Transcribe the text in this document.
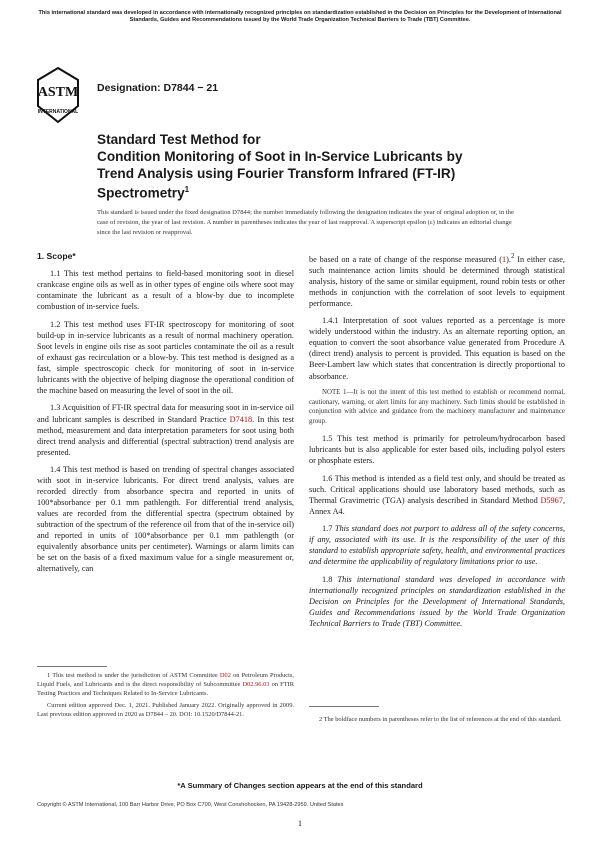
This international standard was developed in accordance with internationally recognized principles on standardization established in the Decision on Principles for the Development of International Standards, Guides and Recommendations issued by the World Trade Organization Technical Barriers to Trade (TBT) Committee.
ASTM
INTERNATIONAL
Designation: D7844 − 21
Standard Test Method for
Condition Monitoring of Soot in In-Service Lubricants by
Trend Analysis using Fourier Transform Infrared (FT-IR)
Spectrometry$^1$
This standard is issued under the fixed designation D7844; the number immediately following the designation indicates the year of original adoption or, in the case of revision, the year of last revision. A number in parentheses indicates the year of last reapproval. A superscript epsilon (ε) indicates an editorial change since the last revision or reapproval.

1. Scope*

1.1 This test method pertains to field-based monitoring soot in diesel crankcase engine oils as well as in other types of engine oils where soot may contaminate the lubricant as a result of a blow-by due to incomplete combustion of in-service fuels.

1.2 This test method uses FT-IR spectroscopy for monitoring of soot build-up in in-service lubricants as a result of normal machinery operation. Soot levels in engine oils rise as soot particles contaminate the oil as a result of exhaust gas recirculation or a blow-by. This test method is designed as a fast, simple spectroscopic check for monitoring of soot in in-service lubricants with the objective of helping diagnose the operational condition of the machine based on measuring the level of soot in the oil.

1.3 Acquisition of FT-IR spectral data for measuring soot in in-service oil and lubricant samples is described in Standard Practice D7418. In this test method, measurement and data interpretation parameters for soot using both direct trend analysis and differential (spectral subtraction) trend analysis are presented.

1.4 This test method is based on trending of spectral changes associated with soot in in-service lubricants. For direct trend analysis, values are recorded directly from absorbance spectra and reported in units of 100*absorbance per 0.1 mm pathlength. For differential trend analysis, values are recorded from the differential spectra (spectrum obtained by subtraction of the spectrum of the reference oil from that of the in-service oil) and reported in units of 100*absorbance per 0.1 mm pathlength (or equivalently absorbance units per centimeter). Warnings or alarm limits can be set on the basis of a fixed maximum value for a single measurement or, alternatively, can

be based on a rate of change of the response measured (1).$^2$ In either case, such maintenance action limits should be determined through statistical analysis, history of the same or similar equipment, round robin tests or other methods in conjunction with the correlation of soot levels to equipment performance.

1.4.1 Interpretation of soot values reported as a percentage is more widely understood within the industry. As an alternate reporting option, an equation to convert the soot absorbance value generated from Procedure A (direct trend) analysis to percent is provided. This equation is based on the Beer-Lambert law which states that concentration is directly proportional to absorbance.

NOTE 1—It is not the intent of this test method to establish or recommend normal, cautionary, warning, or alert limits for any machinery. Such limits should be established in conjunction with advice and guidance from the machinery manufacturer and maintenance group.

1.5 This test method is primarily for petroleum/hydrocarbon based lubricants but is also applicable for ester based oils, including polyol esters or phosphate esters.

1.6 This method is intended as a field test only, and should be treated as such. Critical applications should use laboratory based methods, such as Thermal Gravimetric (TGA) analysis described in Standard Method D5967, Annex A4.

1.7 This standard does not purport to address all of the safety concerns, if any, associated with its use. It is the responsibility of the user of this standard to establish appropriate safety, health, and environmental practices and determine the applicability of regulatory limitations prior to use.

1.8 This international standard was developed in accordance with internationally recognized principles on standardization established in the Decision on Principles for the Development of International Standards, Guides and Recommendations issued by the World Trade Organization Technical Barriers to Trade (TBT) Committee.

1 This test method is under the jurisdiction of ASTM Committee D02 on Petroleum Products, Liquid Fuels, and Lubricants and is the direct responsibility of Subcommittee D02.96.03 on FTIR Testing Practices and Techniques Related to In-Service Lubricants.

Current edition approved Dec. 1, 2021. Published January 2022. Originally approved in 2009. Last previous edition approved in 2020 as D7844 – 20. DOI: 10.1520/D7844-21.

2 The boldface numbers in parentheses refer to the list of references at the end of this standard.

*A Summary of Changes section appears at the end of this standard
Copyright © ASTM International, 100 Barr Harbor Drive, PO Box C700, West Conshohocken, PA 19428-2959. United States
1
